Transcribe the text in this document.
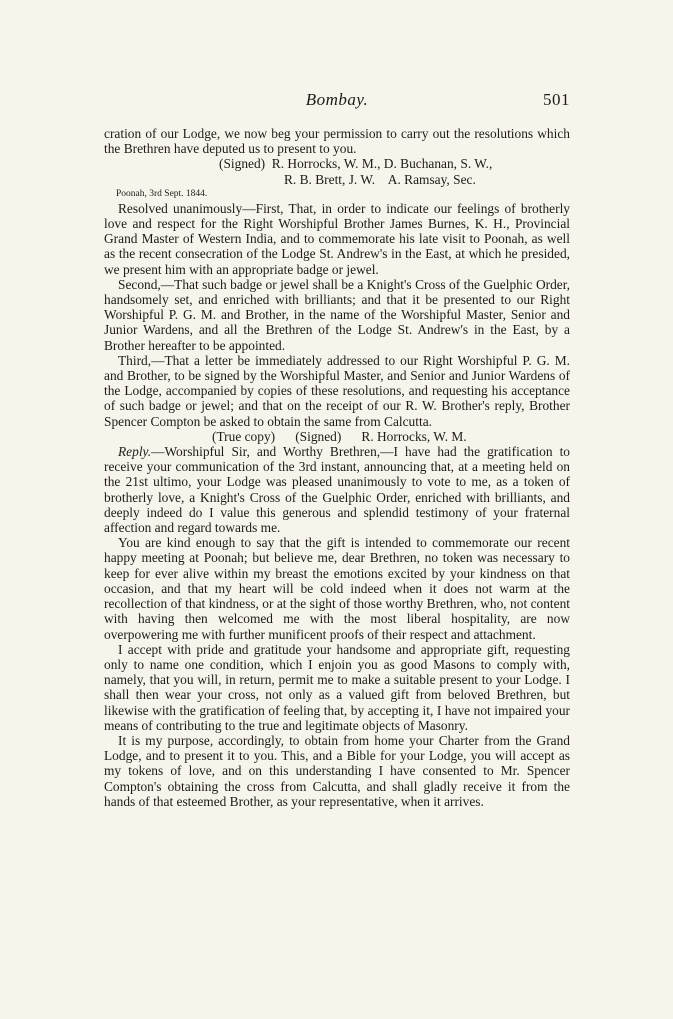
Bombay.	501

cration of our Lodge, we now beg your permission to carry out the resolutions which the Brethren have deputed us to present to you.

(Signed)  R. Horrocks, W. M., D. Buchanan, S. W.,
R. B. Brett, J. W.    A. Ramsay, Sec.
Poonah, 3rd Sept. 1844.

Resolved unanimously—First, That, in order to indicate our feelings of brotherly love and respect for the Right Worshipful Brother James Burnes, K. H., Provincial Grand Master of Western India, and to commemorate his late visit to Poonah, as well as the recent consecration of the Lodge St. Andrew's in the East, at which he presided, we present him with an appropriate badge or jewel.

Second,—That such badge or jewel shall be a Knight's Cross of the Guelphic Order, handsomely set, and enriched with brilliants; and that it be presented to our Right Worshipful P. G. M. and Brother, in the name of the Worshipful Master, Senior and Junior Wardens, and all the Brethren of the Lodge St. Andrew's in the East, by a Brother hereafter to be appointed.

Third,—That a letter be immediately addressed to our Right Worshipful P. G. M. and Brother, to be signed by the Worshipful Master, and Senior and Junior Wardens of the Lodge, accompanied by copies of these resolutions, and requesting his acceptance of such badge or jewel; and that on the receipt of our R. W. Brother's reply, Brother Spencer Compton be asked to obtain the same from Calcutta.

(True copy)      (Signed)      R. Horrocks, W. M.

Reply.—Worshipful Sir, and Worthy Brethren,—I have had the gratification to receive your communication of the 3rd instant, announcing that, at a meeting held on the 21st ultimo, your Lodge was pleased unanimously to vote to me, as a token of brotherly love, a Knight's Cross of the Guelphic Order, enriched with brilliants, and deeply indeed do I value this generous and splendid testimony of your fraternal affection and regard towards me.

You are kind enough to say that the gift is intended to commemorate our recent happy meeting at Poonah; but believe me, dear Brethren, no token was necessary to keep for ever alive within my breast the emotions excited by your kindness on that occasion, and that my heart will be cold indeed when it does not warm at the recollection of that kindness, or at the sight of those worthy Brethren, who, not content with having then welcomed me with the most liberal hospitality, are now overpowering me with further munificent proofs of their respect and attachment.

I accept with pride and gratitude your handsome and appropriate gift, requesting only to name one condition, which I enjoin you as good Masons to comply with, namely, that you will, in return, permit me to make a suitable present to your Lodge. I shall then wear your cross, not only as a valued gift from beloved Brethren, but likewise with the gratification of feeling that, by accepting it, I have not impaired your means of contributing to the true and legitimate objects of Masonry.

It is my purpose, accordingly, to obtain from home your Charter from the Grand Lodge, and to present it to you. This, and a Bible for your Lodge, you will accept as my tokens of love, and on this understanding I have consented to Mr. Spencer Compton's obtaining the cross from Calcutta, and shall gladly receive it from the hands of that esteemed Brother, as your representative, when it arrives.
